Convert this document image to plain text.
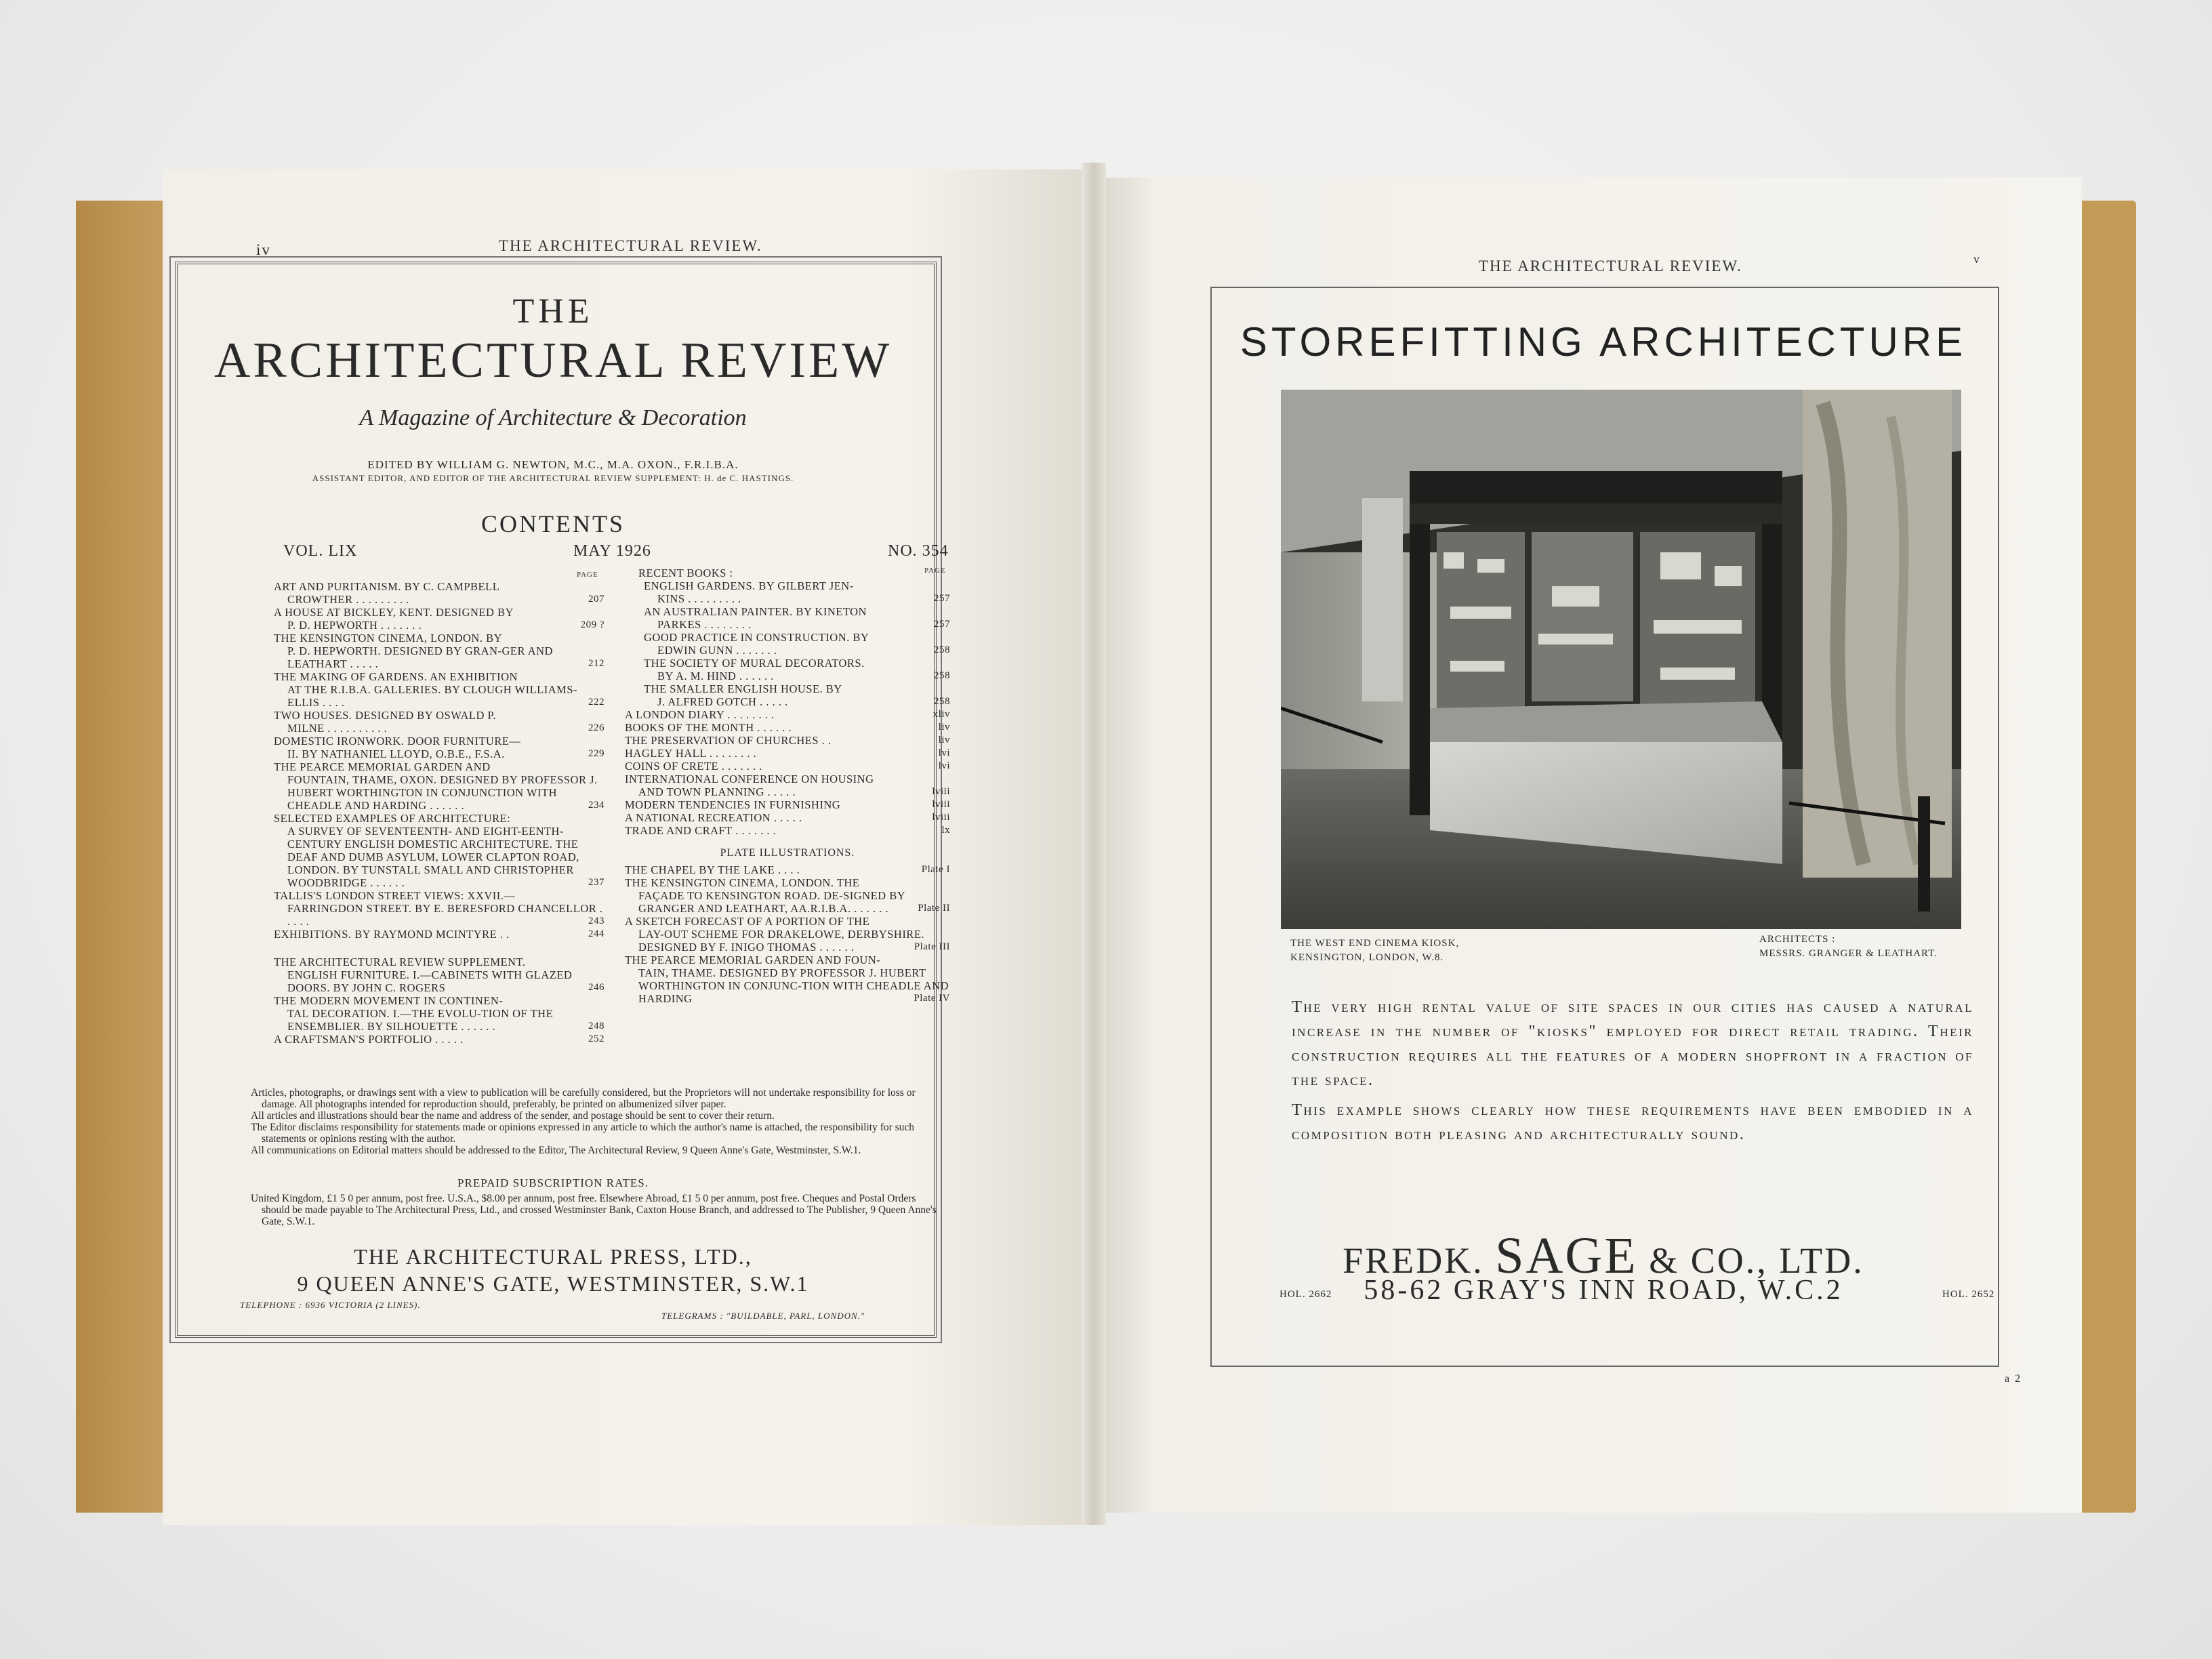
iv	THE ARCHITECTURAL REVIEW.
THE
ARCHITECTURAL REVIEW
A Magazine of Architecture & Decoration
EDITED BY WILLIAM G. NEWTON, M.C., M.A. OXON., F.R.I.B.A.
ASSISTANT EDITOR, AND EDITOR OF THE ARCHITECTURAL REVIEW SUPPLEMENT: H. de C. HASTINGS.
CONTENTS
VOL. LIX	MAY 1926	NO. 354
PAGE	PAGE
ART AND PURITANISM. BY C. CAMPBELL
CROWTHER . . . . . . . . .	207
A HOUSE AT BICKLEY, KENT. DESIGNED BY
P. D. HEPWORTH . . . . . . .	209 ?
THE KENSINGTON CINEMA, LONDON. BY
P. D. HEPWORTH. DESIGNED BY GRAN-GER AND LEATHART . . . . .	212
THE MAKING OF GARDENS. AN EXHIBITION
AT THE R.I.B.A. GALLERIES. BY CLOUGH WILLIAMS-ELLIS . . . .	222
TWO HOUSES. DESIGNED BY OSWALD P.
MILNE . . . . . . . . . .	226
DOMESTIC IRONWORK. DOOR FURNITURE—
II. BY NATHANIEL LLOYD, O.B.E., F.S.A.	229
THE PEARCE MEMORIAL GARDEN AND
FOUNTAIN, THAME, OXON. DESIGNED BY PROFESSOR J. HUBERT WORTHINGTON IN CONJUNCTION WITH CHEADLE AND HARDING . . . . . .	234
SELECTED EXAMPLES OF ARCHITECTURE:
A SURVEY OF SEVENTEENTH- AND EIGHT-EENTH-CENTURY ENGLISH DOMESTIC ARCHITECTURE. THE DEAF AND DUMB ASYLUM, LOWER CLAPTON ROAD, LONDON. BY TUNSTALL SMALL AND CHRISTOPHER WOODBRIDGE . . . . . .	237
TALLIS'S LONDON STREET VIEWS: XXVII.—
FARRINGDON STREET. BY E. BERESFORD CHANCELLOR . . . . .	243
EXHIBITIONS. BY RAYMOND MCINTYRE . .	244
THE ARCHITECTURAL REVIEW SUPPLEMENT.
ENGLISH FURNITURE. I.—CABINETS WITH GLAZED DOORS. BY JOHN C. ROGERS	246
THE MODERN MOVEMENT IN CONTINEN-
TAL DECORATION. I.—THE EVOLU-TION OF THE ENSEMBLIER. BY SILHOUETTE . . . . . .	248
A CRAFTSMAN'S PORTFOLIO . . . . .	252
RECENT BOOKS :
ENGLISH GARDENS. BY GILBERT JEN-
KINS . . . . . . . . .	257
AN AUSTRALIAN PAINTER. BY KINETON
PARKES . . . . . . . .	257
GOOD PRACTICE IN CONSTRUCTION. BY
EDWIN GUNN . . . . . . .	258
THE SOCIETY OF MURAL DECORATORS.
BY A. M. HIND . . . . . .	258
THE SMALLER ENGLISH HOUSE. BY
J. ALFRED GOTCH . . . . .	258
A LONDON DIARY . . . . . . . .	xliv
BOOKS OF THE MONTH . . . . . .	liv
THE PRESERVATION OF CHURCHES . .	liv
HAGLEY HALL . . . . . . . .	lvi
COINS OF CRETE . . . . . . .	lvi
INTERNATIONAL CONFERENCE ON HOUSING
AND TOWN PLANNING . . . . .	lviii
MODERN TENDENCIES IN FURNISHING	lviii
A NATIONAL RECREATION . . . . .	lviii
TRADE AND CRAFT . . . . . . .	lx
PLATE ILLUSTRATIONS.
THE CHAPEL BY THE LAKE . . . .	Plate I
THE KENSINGTON CINEMA, LONDON. THE
FAÇADE TO KENSINGTON ROAD. DE-SIGNED BY GRANGER AND LEATHART, AA.R.I.B.A. . . . . . .	Plate II
A SKETCH FORECAST OF A PORTION OF THE
LAY-OUT SCHEME FOR DRAKELOWE, DERBYSHIRE. DESIGNED BY F. INIGO THOMAS . . . . . .	Plate III
THE PEARCE MEMORIAL GARDEN AND FOUN-
TAIN, THAME. DESIGNED BY PROFESSOR J. HUBERT WORTHINGTON IN CONJUNC-TION WITH CHEADLE AND HARDING	Plate IV

Articles, photographs, or drawings sent with a view to publication will be carefully considered, but the Proprietors will not undertake responsibility for loss or damage. All photographs intended for reproduction should, preferably, be printed on albumenized silver paper.

All articles and illustrations should bear the name and address of the sender, and postage should be sent to cover their return.

The Editor disclaims responsibility for statements made or opinions expressed in any article to which the author's name is attached, the responsibility for such statements or opinions resting with the author.

All communications on Editorial matters should be addressed to the Editor, The Architectural Review, 9 Queen Anne's Gate, Westminster, S.W.1.

PREPAID SUBSCRIPTION RATES.

United Kingdom, £1 5 0 per annum, post free. U.S.A., $8.00 per annum, post free. Elsewhere Abroad, £1 5 0 per annum, post free. Cheques and Postal Orders should be made payable to The Architectural Press, Ltd., and crossed Westminster Bank, Caxton House Branch, and addressed to The Publisher, 9 Queen Anne's Gate, S.W.1.

THE ARCHITECTURAL PRESS, LTD.,
9 QUEEN ANNE'S GATE, WESTMINSTER, S.W.1
TELEPHONE : 6936 VICTORIA (2 LINES).
TELEGRAMS : "BUILDABLE, PARL, LONDON."
THE ARCHITECTURAL REVIEW.	v
STOREFITTING ARCHITECTURE
THE WEST END CINEMA KIOSK,
KENSINGTON, LONDON, W.8.
ARCHITECTS :
MESSRS. GRANGER & LEATHART.

The very high rental value of site spaces in our cities has caused a natural increase in the number of "kiosks" employed for direct retail trading. Their construction requires all the features of a modern shopfront in a fraction of the space.

This example shows clearly how these requirements have been embodied in a composition both pleasing and architecturally sound.

FREDK. SAGE & CO., LTD.
58-62 GRAY'S INN ROAD, W.C.2
HOL. 2662	HOL. 2652
a 2
